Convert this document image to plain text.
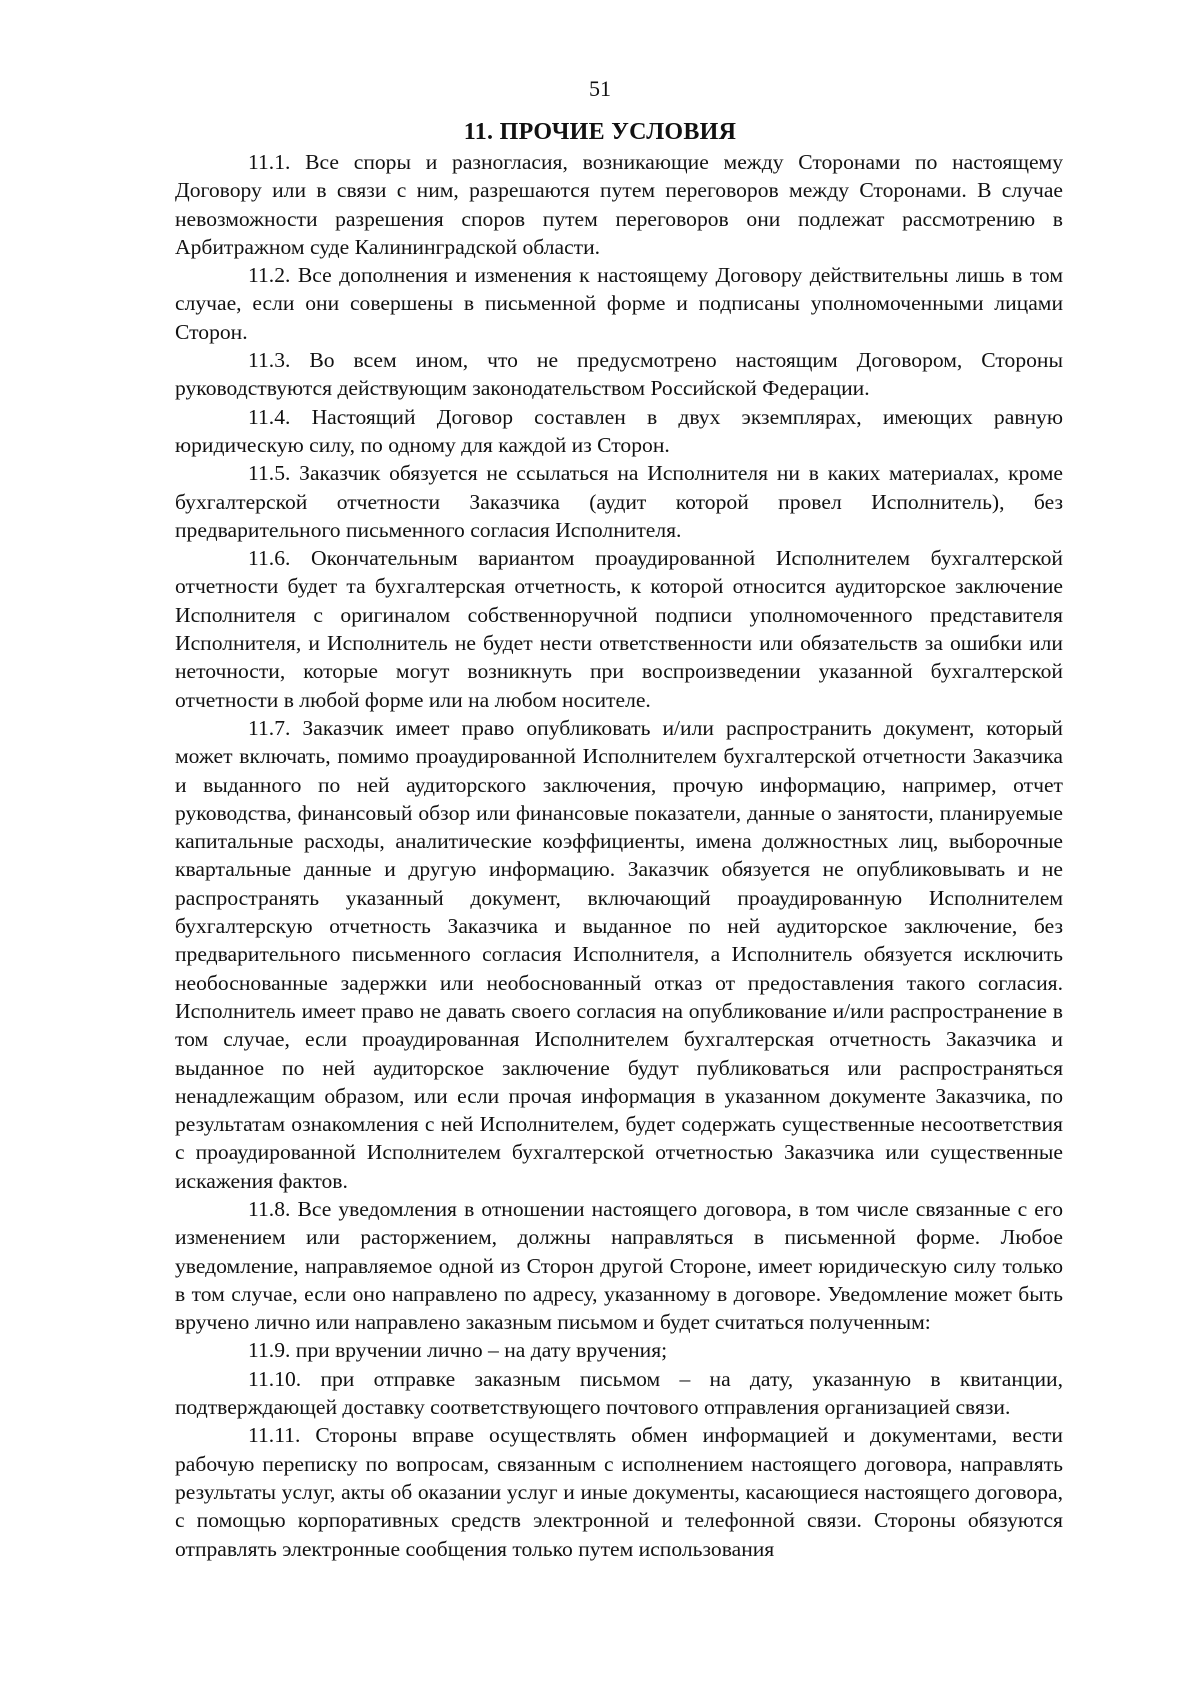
51
11. ПРОЧИЕ УСЛОВИЯ

11.1. Все споры и разногласия, возникающие между Сторонами по настоящему Договору или в связи с ним, разрешаются путем переговоров между Сторонами. В случае невозможности разрешения споров путем переговоров они подлежат рассмотрению в Арбитражном суде Калининградской области.

11.2. Все дополнения и изменения к настоящему Договору действительны лишь в том случае, если они совершены в письменной форме и подписаны уполномоченными лицами Сторон.

11.3. Во всем ином, что не предусмотрено настоящим Договором, Стороны руководствуются действующим законодательством Российской Федерации.

11.4. Настоящий Договор составлен в двух экземплярах, имеющих равную юридическую силу, по одному для каждой из Сторон.

11.5. Заказчик обязуется не ссылаться на Исполнителя ни в каких материалах, кроме бухгалтерской отчетности Заказчика (аудит которой провел Исполнитель), без предварительного письменного согласия Исполнителя.

11.6. Окончательным вариантом проаудированной Исполнителем бухгалтерской отчетности будет та бухгалтерская отчетность, к которой относится аудиторское заключение Исполнителя с оригиналом собственноручной подписи уполномоченного представителя Исполнителя, и Исполнитель не будет нести ответственности или обязательств за ошибки или неточности, которые могут возникнуть при воспроизведении указанной бухгалтерской отчетности в любой форме или на любом носителе.

11.7. Заказчик имеет право опубликовать и/или распространить документ, который может включать, помимо проаудированной Исполнителем бухгалтерской отчетности Заказчика и выданного по ней аудиторского заключения, прочую информацию, например, отчет руководства, финансовый обзор или финансовые показатели, данные о занятости, планируемые капитальные расходы, аналитические коэффициенты, имена должностных лиц, выборочные квартальные данные и другую информацию. Заказчик обязуется не опубликовывать и не распространять указанный документ, включающий проаудированную Исполнителем бухгалтерскую отчетность Заказчика и выданное по ней аудиторское заключение, без предварительного письменного согласия Исполнителя, а Исполнитель обязуется исключить необоснованные задержки или необоснованный отказ от предоставления такого согласия. Исполнитель имеет право не давать своего согласия на опубликование и/или распространение в том случае, если проаудированная Исполнителем бухгалтерская отчетность Заказчика и выданное по ней аудиторское заключение будут публиковаться или распространяться ненадлежащим образом, или если прочая информация в указанном документе Заказчика, по результатам ознакомления с ней Исполнителем, будет содержать существенные несоответствия с проаудированной Исполнителем бухгалтерской отчетностью Заказчика или существенные искажения фактов.

11.8. Все уведомления в отношении настоящего договора, в том числе связанные с его изменением или расторжением, должны направляться в письменной форме. Любое уведомление, направляемое одной из Сторон другой Стороне, имеет юридическую силу только в том случае, если оно направлено по адресу, указанному в договоре. Уведомление может быть вручено лично или направлено заказным письмом и будет считаться полученным:

11.9. при вручении лично – на дату вручения;

11.10. при отправке заказным письмом – на дату, указанную в квитанции, подтверждающей доставку соответствующего почтового отправления организацией связи.

11.11. Стороны вправе осуществлять обмен информацией и документами, вести рабочую переписку по вопросам, связанным с исполнением настоящего договора, направлять результаты услуг, акты об оказании услуг и иные документы, касающиеся настоящего договора, с помощью корпоративных средств электронной и телефонной связи. Стороны обязуются отправлять электронные сообщения только путем использования
